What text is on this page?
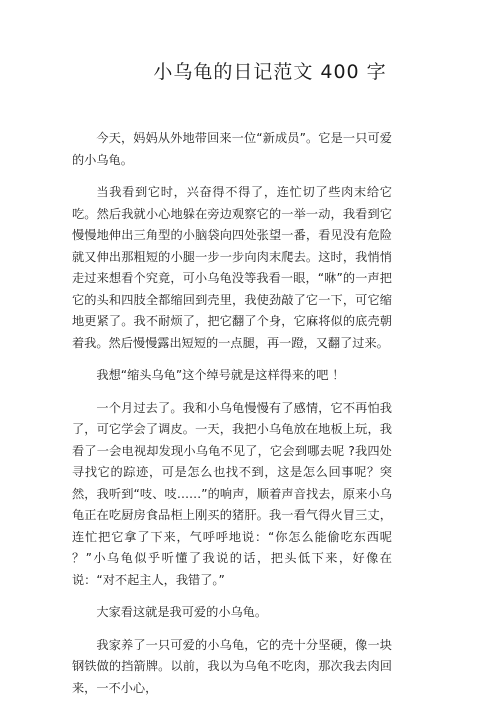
小乌龟的日记范文 400 字

今天，妈妈从外地带回来一位“新成员”。它是一只可爱的小乌龟。

当我看到它时，兴奋得不得了，连忙切了些肉末给它吃。然后我就小心地躲在旁边观察它的一举一动，我看到它慢慢地伸出三角型的小脑袋向四处张望一番，看见没有危险就又伸出那粗短的小腿一步一步向肉末爬去。这时，我悄悄走过来想看个究竟，可小乌龟没等我看一眼，“咻”的一声把它的头和四肢全都缩回到壳里，我使劲敲了它一下，可它缩地更紧了。我不耐烦了，把它翻了个身，它麻将似的底壳朝着我。然后慢慢露出短短的一点腿，再一蹬，又翻了过来。

我想“缩头乌龟”这个绰号就是这样得来的吧 ！

一个月过去了。我和小乌龟慢慢有了感情，它不再怕我了，可它学会了调皮。一天，我把小乌龟放在地板上玩，我看了一会电视却发现小乌龟不见了，它会到哪去呢 ?我四处寻找它的踪迹，可是怎么也找不到，这是怎么回事呢？突然，我听到“吱、吱……”的响声，顺着声音找去，原来小乌龟正在吃厨房食品柜上刚买的猪肝。我一看气得火冒三丈，连忙把它拿了下来，气呼呼地说：“你怎么能偷吃东西呢 ？”小乌龟似乎听懂了我说的话，把头低下来，好像在说：“对不起主人，我错了。”

大家看这就是我可爱的小乌龟。

我家养了一只可爱的小乌龟，它的壳十分坚硬，像一块钢铁做的挡箭牌。以前，我以为乌龟不吃肉，那次我去肉回来，一不小心，
